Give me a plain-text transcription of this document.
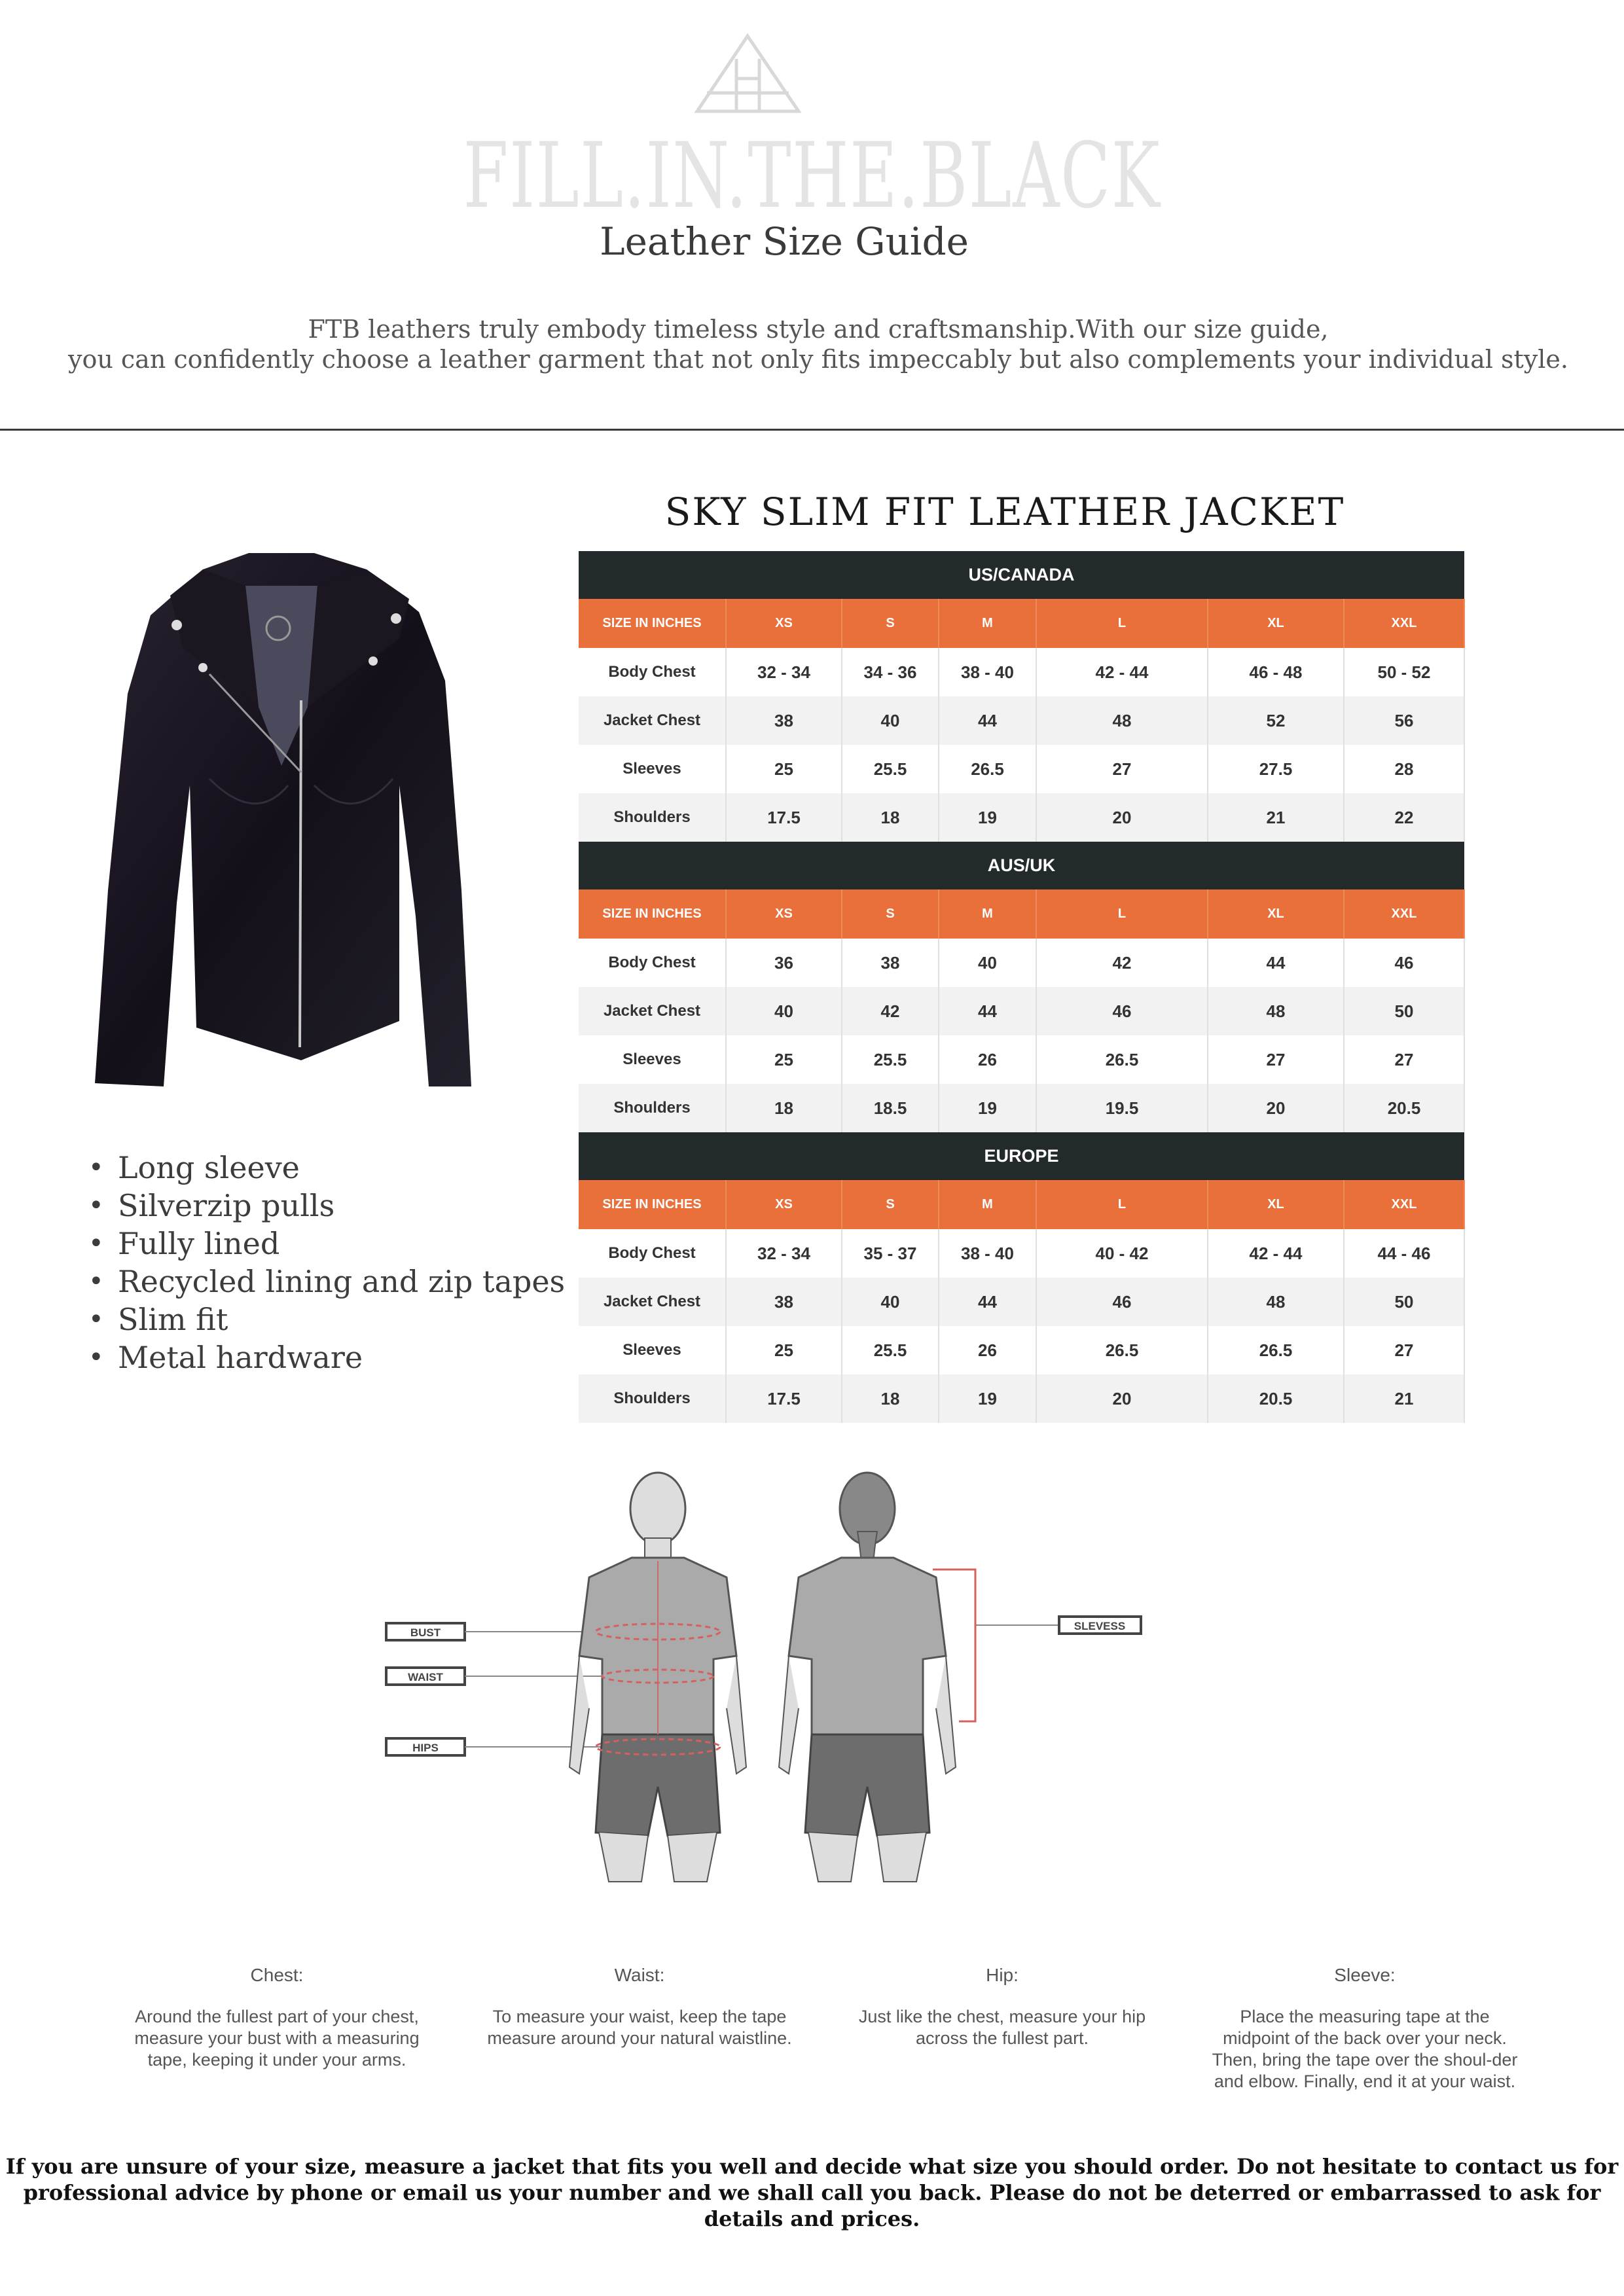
FILL.IN.THE.BLACK
Leather Size Guide
FTB leathers truly embody timeless style and craftsmanship.With our size guide,
you can confidently choose a leather garment that not only fits impeccably but also complements your individual style.
SKY SLIM FIT LEATHER JACKET
• Long sleeve
• Silverzip pulls
• Fully lined
• Recycled lining and zip tapes
• Slim fit
• Metal hardware
US/CANADA						
SIZE IN INCHES	XS	S	M	L	XL	XXL
Body Chest	32 - 34	34 - 36	38 - 40	42 - 44	46 - 48	50 - 52
Jacket Chest	38	40	44	48	52	56
Sleeves	25	25.5	26.5	27	27.5	28
Shoulders	17.5	18	19	20	21	22
AUS/UK						
SIZE IN INCHES	XS	S	M	L	XL	XXL
Body Chest	36	38	40	42	44	46
Jacket Chest	40	42	44	46	48	50
Sleeves	25	25.5	26	26.5	27	27
Shoulders	18	18.5	19	19.5	20	20.5
EUROPE						
SIZE IN INCHES	XS	S	M	L	XL	XXL
Body Chest	32 - 34	35 - 37	38 - 40	40 - 42	42 - 44	44 - 46
Jacket Chest	38	40	44	46	48	50
Sleeves	25	25.5	26	26.5	26.5	27
Shoulders	17.5	18	19	20	20.5	21
BUST
WAIST
HIPS
SLEVESS
Chest:
Around the fullest part of your chest, measure your bust with a measuring tape, keeping it under your arms.
Waist:
To measure your waist, keep the tape measure around your natural waistline.
Hip:
Just like the chest, measure your hip across the fullest part.
Sleeve:
Place the measuring tape at the midpoint of the back over your neck. Then, bring the tape over the shoul-der and elbow. Finally, end it at your waist.
If you are unsure of your size, measure a jacket that fits you well and decide what size you should order. Do not hesitate to contact us for
professional advice by phone or email us your number and we shall call you back. Please do not be deterred or embarrassed to ask for details and prices.
